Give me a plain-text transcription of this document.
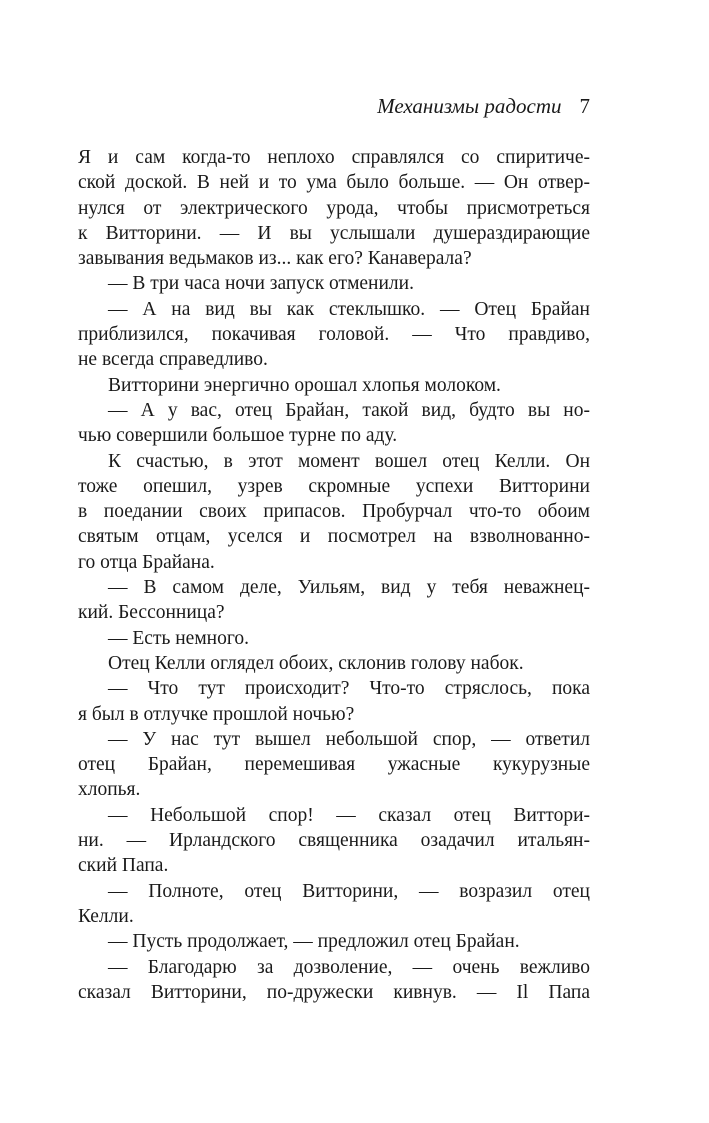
Механизмы радости 7
Я и сам когда-то неплохо справлялся со спиритиче-
ской доской. В ней и то ума было больше. — Он отвер-
нулся от электрического урода, чтобы присмотреться
к Витторини. — И вы услышали душераздирающие
завывания ведьмаков из... как его? Канаверала?
— В три часа ночи запуск отменили.
— А на вид вы как стеклышко. — Отец Брайан
приблизился, покачивая головой. — Что правдиво,
не всегда справедливо.
Витторини энергично орошал хлопья молоком.
— А у вас, отец Брайан, такой вид, будто вы но-
чью совершили большое турне по аду.
К счастью, в этот момент вошел отец Келли. Он
тоже опешил, узрев скромные успехи Витторини
в поедании своих припасов. Пробурчал что-то обоим
святым отцам, уселся и посмотрел на взволнованно-
го отца Брайана.
— В самом деле, Уильям, вид у тебя неважнец-
кий. Бессонница?
— Есть немного.
Отец Келли оглядел обоих, склонив голову набок.
— Что тут происходит? Что-то стряслось, пока
я был в отлучке прошлой ночью?
— У нас тут вышел небольшой спор, — ответил
отец Брайан, перемешивая ужасные кукурузные
хлопья.
— Небольшой спор! — сказал отец Виттори-
ни. — Ирландского священника озадачил итальян-
ский Папа.
— Полноте, отец Витторини, — возразил отец
Келли.
— Пусть продолжает, — предложил отец Брайан.
— Благодарю за дозволение, — очень вежливо
сказал Витторини, по-дружески кивнув. — Il Папа
